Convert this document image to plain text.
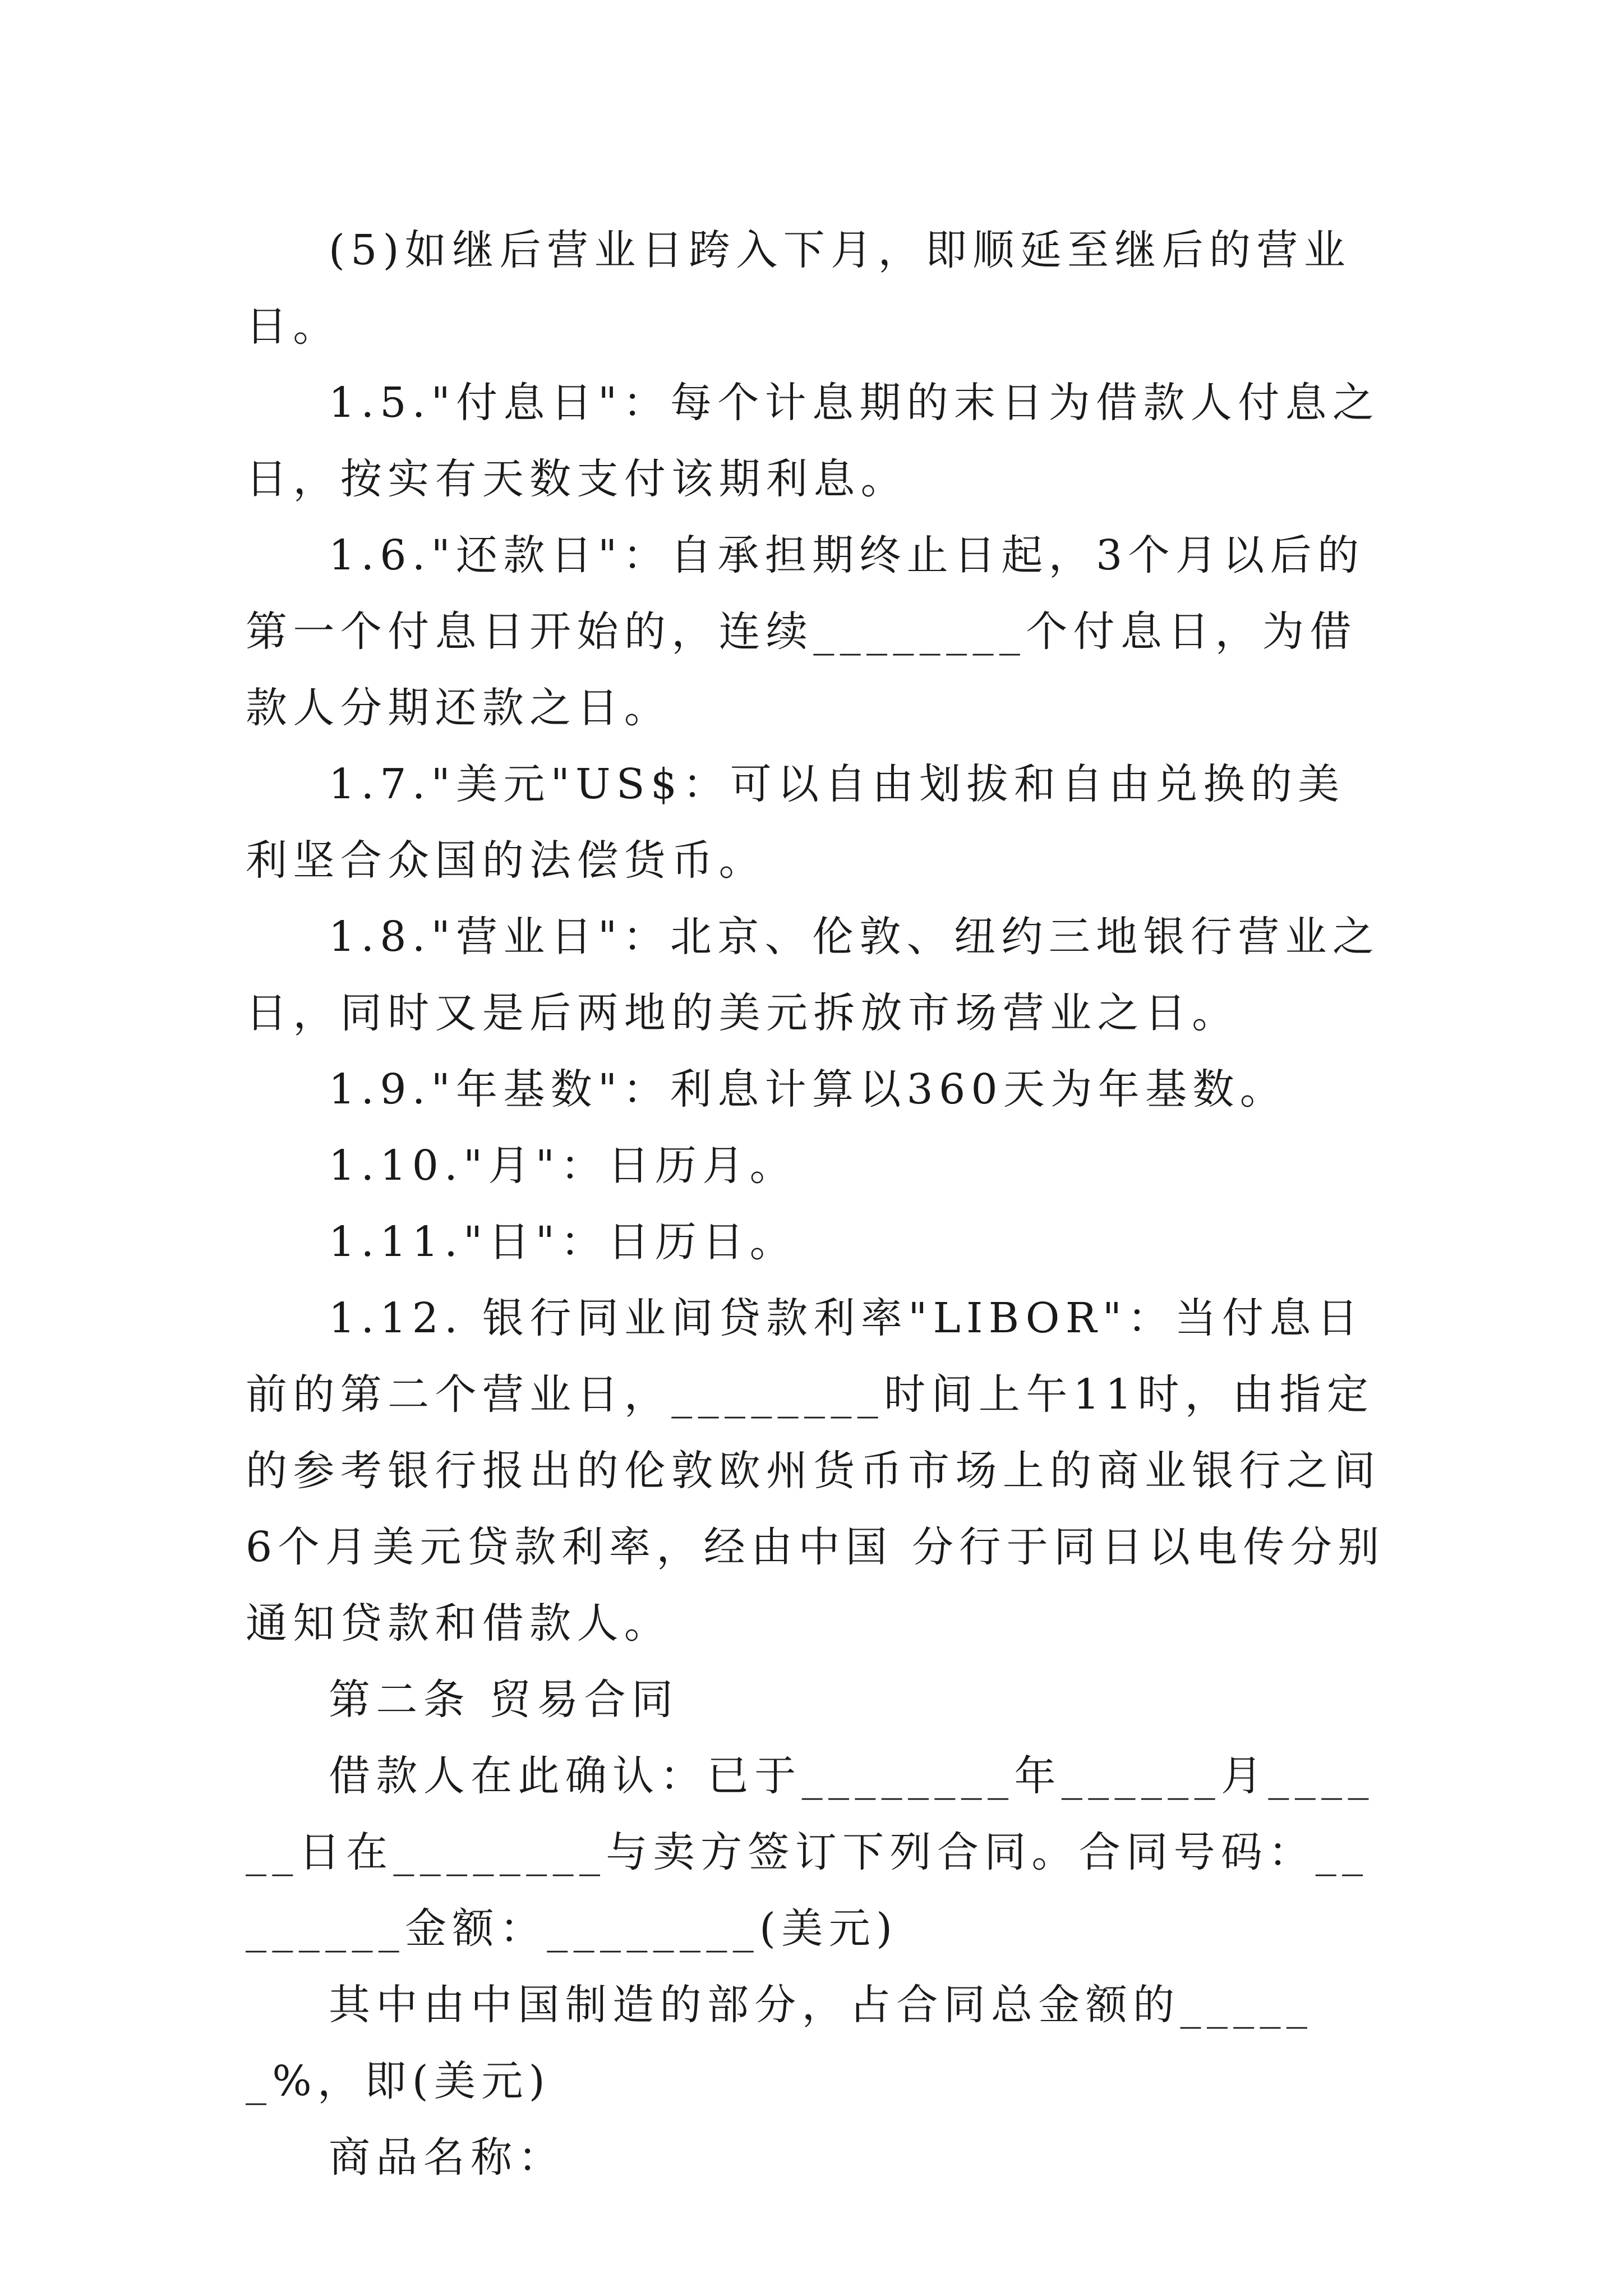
(5)如继后营业日跨入下月，即顺延至继后的营业日。

1.5."付息日"：每个计息期的末日为借款人付息之日，按实有天数支付该期利息。

1.6."还款日"：自承担期终止日起，3个月以后的第一个付息日开始的，连续________个付息日，为借款人分期还款之日。

1.7."美元"US$：可以自由划拔和自由兑换的美利坚合众国的法偿货币。

1.8."营业日"：北京、伦敦、纽约三地银行营业之日，同时又是后两地的美元拆放市场营业之日。

1.9."年基数"：利息计算以360天为年基数。

1.10."月"：日历月。

1.11."日"：日历日。

1.12. 银行同业间贷款利率"LIBOR"：当付息日前的第二个营业日，________时间上午11时，由指定的参考银行报出的伦敦欧州货币市场上的商业银行之间6个月美元贷款利率，经由中国 分行于同日以电传分别通知贷款和借款人。

第二条 贸易合同

借款人在此确认：已于________年______月______日在________与卖方签订下列合同。合同号码：________金额：________(美元)

其中由中国制造的部分，占合同总金额的______%，即(美元)

商品名称：
